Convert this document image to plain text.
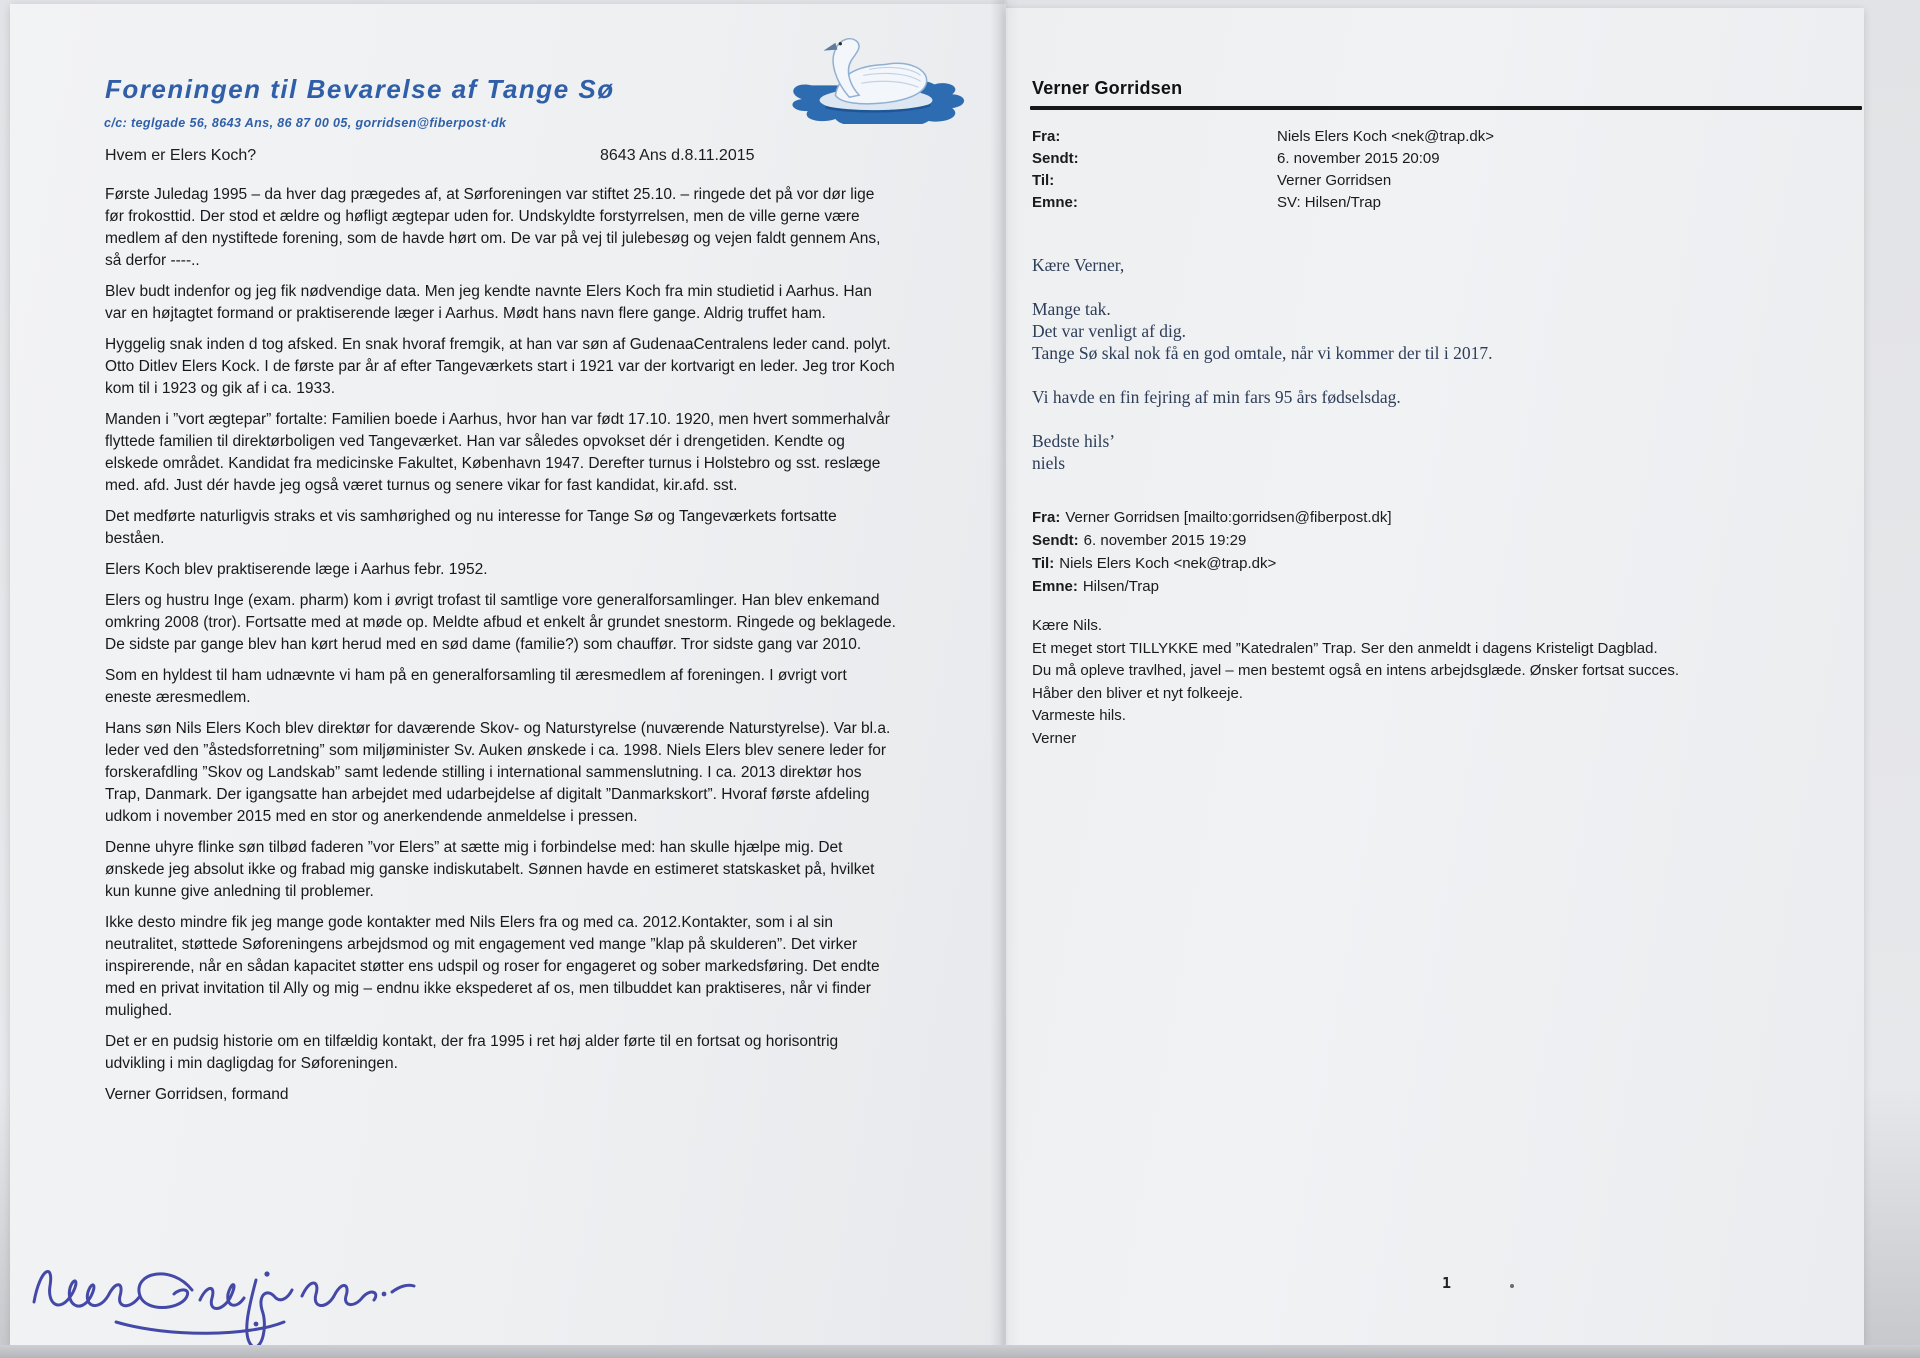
Foreningen til Bevarelse af Tange Sø
c/c: teglgade 56, 8643 Ans, 86 87 00 05, gorridsen@fiberpost·dk
Hvem er Elers Koch?	8643 Ans d.8.11.2015

Første Juledag 1995 – da hver dag prægedes af, at Sørforeningen var stiftet 25.10. – ringede det på vor dør lige før frokosttid. Der stod et ældre og høfligt ægtepar uden for. Undskyldte forstyrrelsen, men de ville gerne være medlem af den nystiftede forening, som de havde hørt om. De var på vej til julebesøg og vejen faldt gennem Ans, så derfor ----..

Blev budt indenfor og jeg fik nødvendige data. Men jeg kendte navnte Elers Koch fra min studietid i Aarhus. Han var en højtagtet formand or praktiserende læger i Aarhus. Mødt hans navn flere gange. Aldrig truffet ham.

Hyggelig snak inden d tog afsked. En snak hvoraf fremgik, at han var søn af GudenaaCentralens leder cand. polyt. Otto Ditlev Elers Kock. I de første par år af efter Tangeværkets start i 1921 var der kortvarigt en leder. Jeg tror Koch kom til i 1923 og gik af i ca. 1933.

Manden i ”vort ægtepar” fortalte: Familien boede i Aarhus, hvor han var født 17.10. 1920, men hvert sommerhalvår flyttede familien til direktørboligen ved Tangeværket. Han var således opvokset dér i drengetiden. Kendte og elskede området. Kandidat fra medicinske Fakultet, København 1947. Derefter turnus i Holstebro og sst. reslæge med. afd. Just dér havde jeg også været turnus og senere vikar for fast kandidat, kir.afd. sst.

Det medførte naturligvis straks et vis samhørighed og nu interesse for Tange Sø og Tangeværkets fortsatte beståen.

Elers Koch blev praktiserende læge i Aarhus febr. 1952.

Elers og hustru Inge (exam. pharm) kom i øvrigt trofast til samtlige vore generalforsamlinger. Han blev enkemand omkring 2008 (tror). Fortsatte med at møde op. Meldte afbud et enkelt år grundet snestorm. Ringede og beklagede. De sidste par gange blev han kørt herud med en sød dame (familie?) som chauffør. Tror sidste gang var 2010.

Som en hyldest til ham udnævnte vi ham på en generalforsamling til æresmedlem af foreningen. I øvrigt vort eneste æresmedlem.

Hans søn Nils Elers Koch blev direktør for daværende Skov- og Naturstyrelse (nuværende Naturstyrelse). Var bl.a. leder ved den ”åstedsforretning” som miljøminister Sv. Auken ønskede i ca. 1998. Niels Elers blev senere leder for forskerafdling ”Skov og Landskab” samt ledende stilling i international sammenslutning. I ca. 2013 direktør hos Trap, Danmark. Der igangsatte han arbejdet med udarbejdelse af digitalt ”Danmarkskort”. Hvoraf første afdeling udkom i november 2015 med en stor og anerkendende anmeldelse i pressen.

Denne uhyre flinke søn tilbød faderen ”vor Elers” at sætte mig i forbindelse med: han skulle hjælpe mig. Det ønskede jeg absolut ikke og frabad mig ganske indiskutabelt. Sønnen havde en estimeret statskasket på, hvilket kun kunne give anledning til problemer.

Ikke desto mindre fik jeg mange gode kontakter med Nils Elers fra og med ca. 2012.Kontakter, som i al sin neutralitet, støttede Søforeningens arbejdsmod og mit engagement ved mange ”klap på skulderen”. Det virker inspirerende, når en sådan kapacitet støtter ens udspil og roser for engageret og sober markedsføring. Det endte med en privat invitation til Ally og mig – endnu ikke ekspederet af os, men tilbuddet kan praktiseres, når vi finder mulighed.

Det er en pudsig historie om en tilfældig kontakt, der fra 1995 i ret høj alder førte til en fortsat og horisontrig udvikling i min dagligdag for Søforeningen.

Verner Gorridsen, formand

Verner Gorridsen
Fra:	Niels Elers Koch <nek@trap.dk>
Sendt:	6. november 2015 20:09
Til:	Verner Gorridsen
Emne:	SV: Hilsen/Trap
Kære Verner,
Mange tak.
Det var venligt af dig.
Tange Sø skal nok få en god omtale, når vi kommer der til i 2017.
Vi havde en fin fejring af min fars 95 års fødselsdag.
Bedste hils’
niels
Fra: Verner Gorridsen [mailto:gorridsen@fiberpost.dk]
Sendt: 6. november 2015 19:29
Til: Niels Elers Koch <nek@trap.dk>
Emne: Hilsen/Trap
Kære Nils.
Et meget stort TILLYKKE med ”Katedralen” Trap. Ser den anmeldt i dagens Kristeligt Dagblad.
Du må opleve travlhed, javel – men bestemt også en intens arbejdsglæde. Ønsker fortsat succes.
Håber den bliver et nyt folkeeje.
Varmeste hils.
Verner
1
